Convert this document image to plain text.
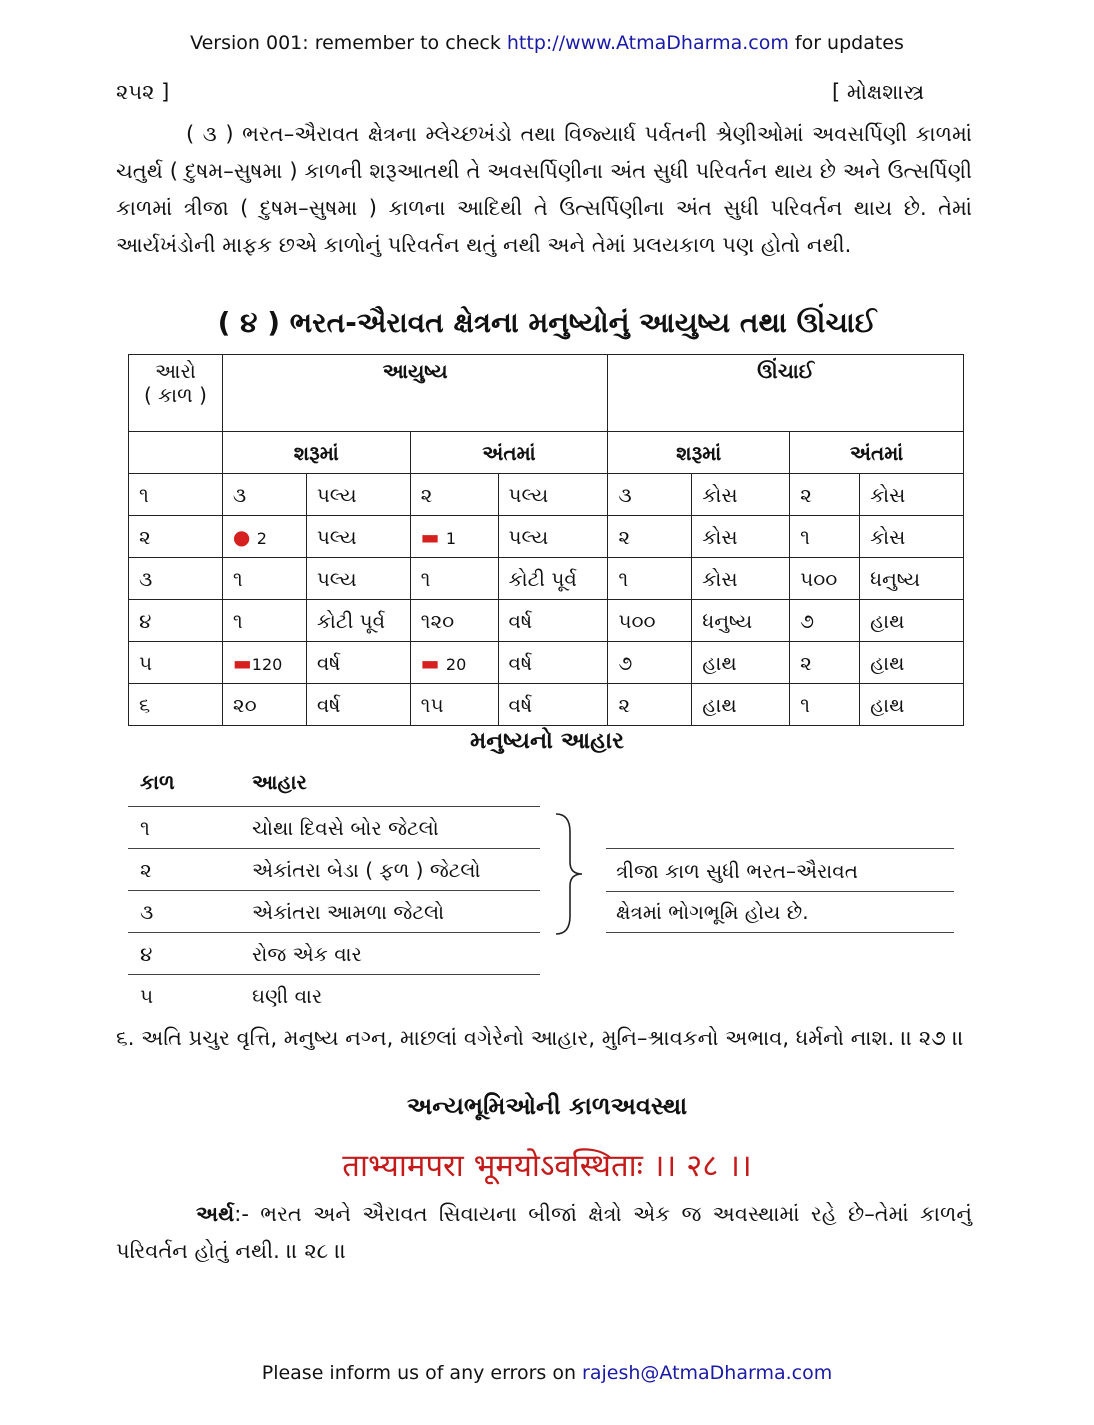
Version 001: remember to check http://www.AtmaDharma.com for updates
૨૫૨ ]	[ મોક્ષશાસ્ત્ર
( ૩ ) ભરત–ઐરાવત ક્ષેત્રના મ્લેચ્છખંડો તથા વિજ્યાર્ધ પર્વતની શ્રેણીઓમાં અવસર્પિણી કાળમાં ચતુર્થ ( દુષમ–સુષમા ) કાળની શરૂઆતથી તે અવસર્પિણીના અંત સુધી પરિવર્તન થાય છે અને ઉત્સર્પિણી કાળમાં ત્રીજા ( દુષમ–સુષમા ) કાળના આદિથી તે ઉત્સર્પિણીના અંત સુધી પરિવર્તન થાય છે. તેમાં આર્યખંડોની માફક છએ કાળોનું પરિવર્તન થતું નથી અને તેમાં પ્રલયકાળ પણ હોતો નથી.
( ૪ ) ભરત-ઐરાવત ક્ષેત્રના મનુષ્યોનું આયુષ્ય તથા ઊંચાઈ
આરો
( કાળ )	આયુષ્ય				ઊંચાઈ			
	શરૂમાં		અંતમાં		શરૂમાં		અંતમાં	
૧	૩	પલ્ય	૨	પલ્ય	૩	કોસ	૨	કોસ
૨	● 2	પલ્ય	▬ 1	પલ્ય	૨	કોસ	૧	કોસ
૩	૧	પલ્ય	૧	કોટી પૂર્વ	૧	કોસ	૫૦૦	ધનુષ્ય
૪	૧	કોટી પૂર્વ	૧૨૦	વર્ષ	૫૦૦	ધનુષ્ય	૭	હાથ
૫	▬120	વર્ષ	▬ 20	વર્ષ	૭	હાથ	૨	હાથ
૬	૨૦	વર્ષ	૧૫	વર્ષ	૨	હાથ	૧	હાથ
મનુષ્યનો આહાર
કાળ	આહાર
૧	ચોથા દિવસે બોર જેટલો
૨	એકાંતરા બેડા ( ફળ ) જેટલો
૩	એકાંતરા આમળા જેટલો
૪	રોજ એક વાર
૫	ઘણી વાર
ત્રીજા કાળ સુધી ભરત–ઐરાવત
ક્ષેત્રમાં ભોગભૂમિ હોય છે.
૬. અતિ પ્રચુર વૃત્તિ, મનુષ્ય નગ્ન, માછલાં વગેરેનો આહાર, મુનિ–શ્રાવકનો અભાવ, ધર્મનો નાશ. ।। ૨૭ ।।
અન્યભૂમિઓની કાળઅવસ્થા
ताभ्यामपरा भूमयोऽवस्थिताः ।। २८ ।।
અર્થ:- ભરત અને ઐરાવત સિવાયના બીજાં ક્ષેત્રો એક જ અવસ્થામાં રહે છે–તેમાં કાળનું પરિવર્તન હોતું નથી. ।। ૨૮ ।।
Please inform us of any errors on rajesh@AtmaDharma.com
